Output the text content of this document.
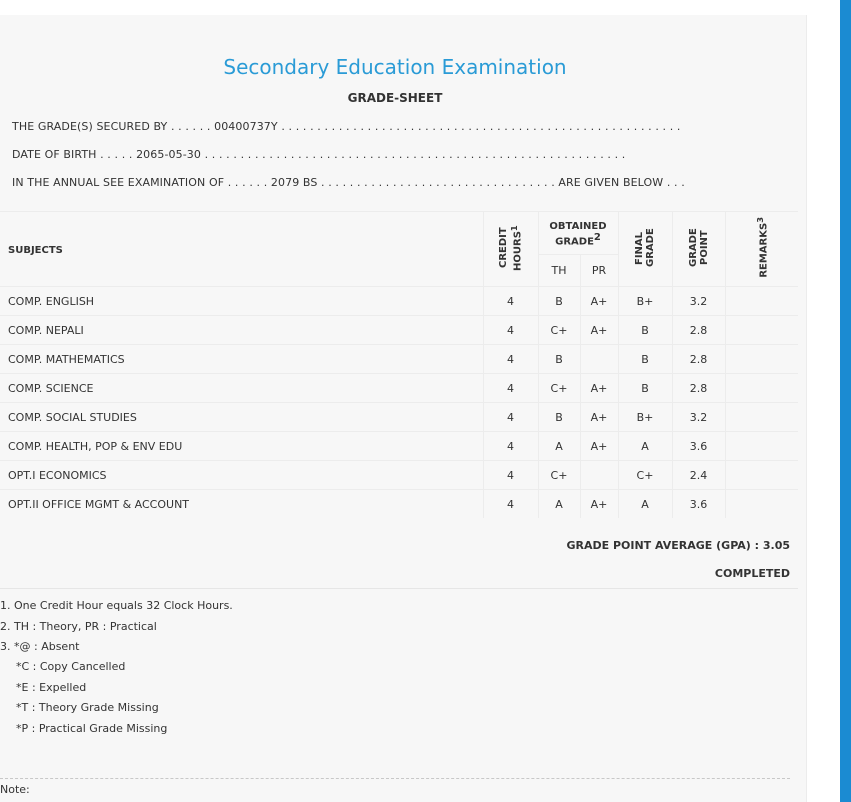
Secondary Education Examination
GRADE-SHEET
THE GRADE(S) SECURED BY . . . . . . 00400737Y . . . . . . . . . . . . . . . . . . . . . . . . . . . . . . . . . . . . . . . . . . . . . . . . . . . . . . . .
DATE OF BIRTH . . . . . 2065-05-30 . . . . . . . . . . . . . . . . . . . . . . . . . . . . . . . . . . . . . . . . . . . . . . . . . . . . . . . . . . .
IN THE ANNUAL SEE EXAMINATION OF . . . . . . 2079 BS . . . . . . . . . . . . . . . . . . . . . . . . . . . . . . . . . ARE GIVEN BELOW . . .
SUBJECTS	CREDIT HOURS$^1$	OBTAINED GRADE$^2$		FINAL GRADE	GRADE POINT	REMARKS$^3$
		TH	PR			
COMP. ENGLISH	4	B	A+	B+	3.2	
COMP. NEPALI	4	C+	A+	B	2.8	
COMP. MATHEMATICS	4	B		B	2.8	
COMP. SCIENCE	4	C+	A+	B	2.8	
COMP. SOCIAL STUDIES	4	B	A+	B+	3.2	
COMP. HEALTH, POP & ENV EDU	4	A	A+	A	3.6	
OPT.I ECONOMICS	4	C+		C+	2.4	
OPT.II OFFICE MGMT & ACCOUNT	4	A	A+	A	3.6	
GRADE POINT AVERAGE (GPA) : 3.05
COMPLETED
1. One Credit Hour equals 32 Clock Hours.
2. TH : Theory, PR : Practical
3. *@ : Absent
*C : Copy Cancelled
*E : Expelled
*T : Theory Grade Missing
*P : Practical Grade Missing
Note:
